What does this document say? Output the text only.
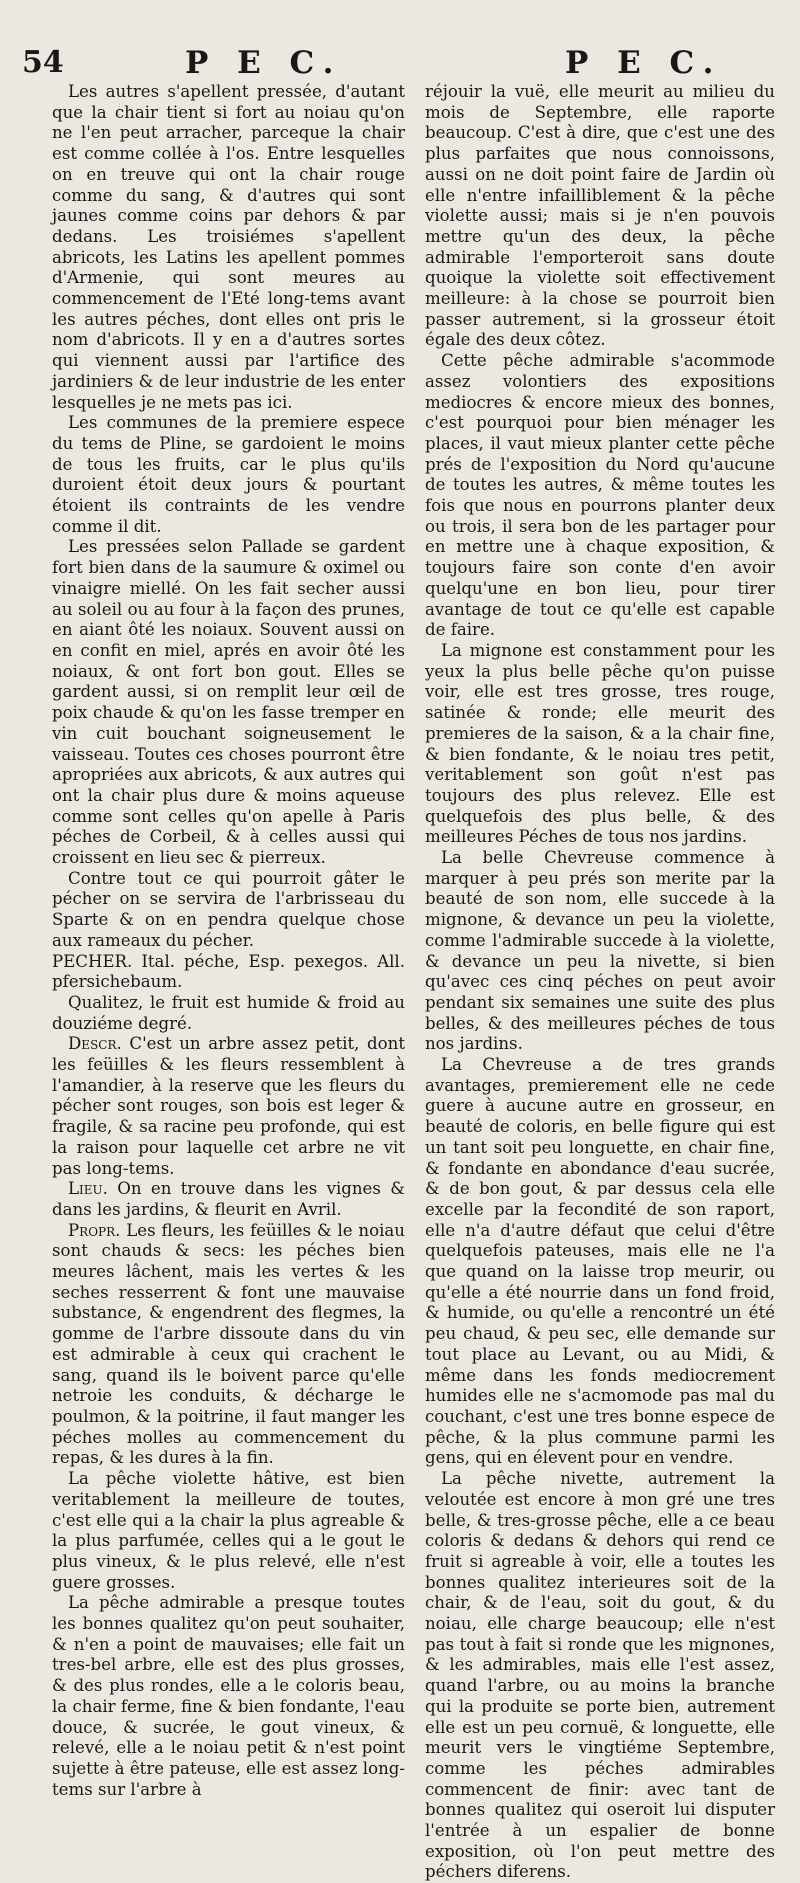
54	P E C.	P E C.

Les autres s'apellent pressée, d'autant que la chair tient si fort au noiau qu'on ne l'en peut arracher, parceque la chair est comme collée à l'os. Entre lesquelles on en treuve qui ont la chair rouge comme du sang, & d'autres qui sont jaunes comme coins par dehors & par dedans. Les troisiémes s'apellent abricots, les Latins les apellent pommes d'Armenie, qui sont meures au commencement de l'Eté long-tems avant les autres péches, dont elles ont pris le nom d'abricots. Il y en a d'autres sortes qui viennent aussi par l'artifice des jardiniers & de leur industrie de les enter lesquelles je ne mets pas ici.

Les communes de la premiere espece du tems de Pline, se gardoient le moins de tous les fruits, car le plus qu'ils duroient étoit deux jours & pourtant étoient ils contraints de les vendre comme il dit.

Les pressées selon Pallade se gardent fort bien dans de la saumure & oximel ou vinaigre miellé. On les fait secher aussi au soleil ou au four à la façon des prunes, en aiant ôté les noiaux. Souvent aussi on en confit en miel, aprés en avoir ôté les noiaux, & ont fort bon gout. Elles se gardent aussi, si on remplit leur œil de poix chaude & qu'on les fasse tremper en vin cuit bouchant soigneusement le vaisseau. Toutes ces choses pourront être apropriées aux abricots, & aux autres qui ont la chair plus dure & moins aqueuse comme sont celles qu'on apelle à Paris péches de Corbeil, & à celles aussi qui croissent en lieu sec & pierreux.

Contre tout ce qui pourroit gâter le pécher on se servira de l'arbrisseau du Sparte & on en pendra quelque chose aux rameaux du pécher.

PECHER. Ital. péche, Esp. pexegos. All. pfersichebaum.

Qualitez, le fruit est humide & froid au douziéme degré.

Descr. C'est un arbre assez petit, dont les feüilles & les fleurs ressemblent à l'amandier, à la reserve que les fleurs du pécher sont rouges, son bois est leger & fragile, & sa racine peu profonde, qui est la raison pour laquelle cet arbre ne vit pas long-tems.

Lieu. On en trouve dans les vignes & dans les jardins, & fleurit en Avril.

Propr. Les fleurs, les feüilles & le noiau sont chauds & secs: les péches bien meures lâchent, mais les vertes & les seches resserrent & font une mauvaise substance, & engendrent des flegmes, la gomme de l'arbre dissoute dans du vin est admirable à ceux qui crachent le sang, quand ils le boivent parce qu'elle netroie les conduits, & décharge le poulmon, & la poitrine, il faut manger les péches molles au commencement du repas, & les dures à la fin.

La pêche violette hâtive, est bien veritablement la meilleure de toutes, c'est elle qui a la chair la plus agreable & la plus parfumée, celles qui a le gout le plus vineux, & le plus relevé, elle n'est guere grosses.

La pêche admirable a presque toutes les bonnes qualitez qu'on peut souhaiter, & n'en a point de mauvaises; elle fait un tres-bel arbre, elle est des plus grosses, & des plus rondes, elle a le coloris beau, la chair ferme, fine & bien fondante, l'eau douce, & sucrée, le gout vineux, & relevé, elle a le noiau petit & n'est point sujette à être pateuse, elle est assez long-tems sur l'arbre à

réjouir la vuë, elle meurit au milieu du mois de Septembre, elle raporte beaucoup. C'est à dire, que c'est une des plus parfaites que nous connoissons, aussi on ne doit point faire de Jardin où elle n'entre infailliblement & la pêche violette aussi; mais si je n'en pouvois mettre qu'un des deux, la pêche admirable l'emporteroit sans doute quoique la violette soit effectivement meilleure: à la chose se pourroit bien passer autrement, si la grosseur étoit égale des deux côtez.

Cette pêche admirable s'acommode assez volontiers des expositions mediocres & encore mieux des bonnes, c'est pourquoi pour bien ménager les places, il vaut mieux planter cette pêche prés de l'exposition du Nord qu'aucune de toutes les autres, & même toutes les fois que nous en pourrons planter deux ou trois, il sera bon de les partager pour en mettre une à chaque exposition, & toujours faire son conte d'en avoir quelqu'une en bon lieu, pour tirer avantage de tout ce qu'elle est capable de faire.

La mignone est constamment pour les yeux la plus belle pêche qu'on puisse voir, elle est tres grosse, tres rouge, satinée & ronde; elle meurit des premieres de la saison, & a la chair fine, & bien fondante, & le noiau tres petit, veritablement son goût n'est pas toujours des plus relevez. Elle est quelquefois des plus belle, & des meilleures Péches de tous nos jardins.

La belle Chevreuse commence à marquer à peu prés son merite par la beauté de son nom, elle succede à la mignone, & devance un peu la violette, comme l'admirable succede à la violette, & devance un peu la nivette, si bien qu'avec ces cinq péches on peut avoir pendant six semaines une suite des plus belles, & des meilleures péches de tous nos jardins.

La Chevreuse a de tres grands avantages, premierement elle ne cede guere à aucune autre en grosseur, en beauté de coloris, en belle figure qui est un tant soit peu longuette, en chair fine, & fondante en abondance d'eau sucrée, & de bon gout, & par dessus cela elle excelle par la fecondité de son raport, elle n'a d'autre défaut que celui d'être quelquefois pateuses, mais elle ne l'a que quand on la laisse trop meurir, ou qu'elle a été nourrie dans un fond froid, & humide, ou qu'elle a rencontré un été peu chaud, & peu sec, elle demande sur tout place au Levant, ou au Midi, & même dans les fonds mediocrement humides elle ne s'acmomode pas mal du couchant, c'est une tres bonne espece de pêche, & la plus commune parmi les gens, qui en élevent pour en vendre.

La pêche nivette, autrement la veloutée est encore à mon gré une tres belle, & tres-grosse pêche, elle a ce beau coloris & dedans & dehors qui rend ce fruit si agreable à voir, elle a toutes les bonnes qualitez interieures soit de la chair, & de l'eau, soit du gout, & du noiau, elle charge beaucoup; elle n'est pas tout à fait si ronde que les mignones, & les admirables, mais elle l'est assez, quand l'arbre, ou au moins la branche qui la produite se porte bien, autrement elle est un peu cornuë, & longuette, elle meurit vers le vingtiéme Septembre, comme les péches admirables commencent de finir: avec tant de bonnes qualitez qui oseroit lui disputer l'entrée à un espalier de bonne exposition, où l'on peut mettre des péchers diferens.
